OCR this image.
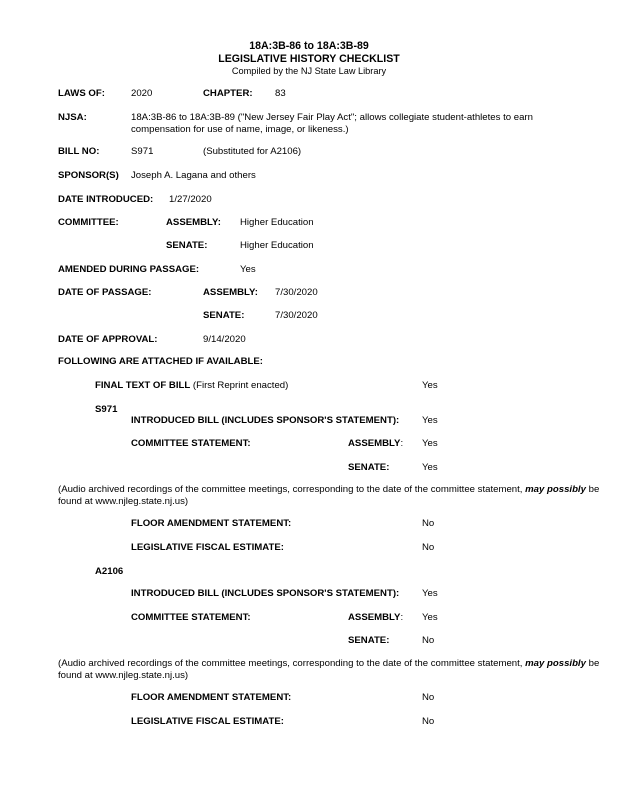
18A:3B-86 to 18A:3B-89
LEGISLATIVE HISTORY CHECKLIST
Compiled by the NJ State Law Library
LAWS OF:	2020	CHAPTER: 83
NJSA:	18A:3B-86 to 18A:3B-89 ("New Jersey Fair Play Act"; allows collegiate student-athletes to earn compensation for use of name, image, or likeness.)
BILL NO:	S971	(Substituted for A2106)
SPONSOR(S) Joseph A. Lagana and others
DATE INTRODUCED: 1/27/2020
COMMITTEE:	ASSEMBLY: Higher Education
SENATE:	Higher Education
AMENDED DURING PASSAGE:	Yes
DATE OF PASSAGE:	ASSEMBLY: 7/30/2020
SENATE:	7/30/2020
DATE OF APPROVAL:	9/14/2020
FOLLOWING ARE ATTACHED IF AVAILABLE:
FINAL TEXT OF BILL (First Reprint enacted)	Yes
S971
INTRODUCED BILL (INCLUDES SPONSOR'S STATEMENT): Yes
COMMITTEE STATEMENT:	ASSEMBLY: Yes
SENATE:	Yes
(Audio archived recordings of the committee meetings, corresponding to the date of the committee statement, may possibly be found at www.njleg.state.nj.us)
FLOOR AMENDMENT STATEMENT:	No
LEGISLATIVE FISCAL ESTIMATE:	No
A2106
INTRODUCED BILL (INCLUDES SPONSOR'S STATEMENT): Yes
COMMITTEE STATEMENT:	ASSEMBLY: Yes
SENATE:	No
(Audio archived recordings of the committee meetings, corresponding to the date of the committee statement, may possibly be found at www.njleg.state.nj.us)
FLOOR AMENDMENT STATEMENT:	No
LEGISLATIVE FISCAL ESTIMATE:	No
